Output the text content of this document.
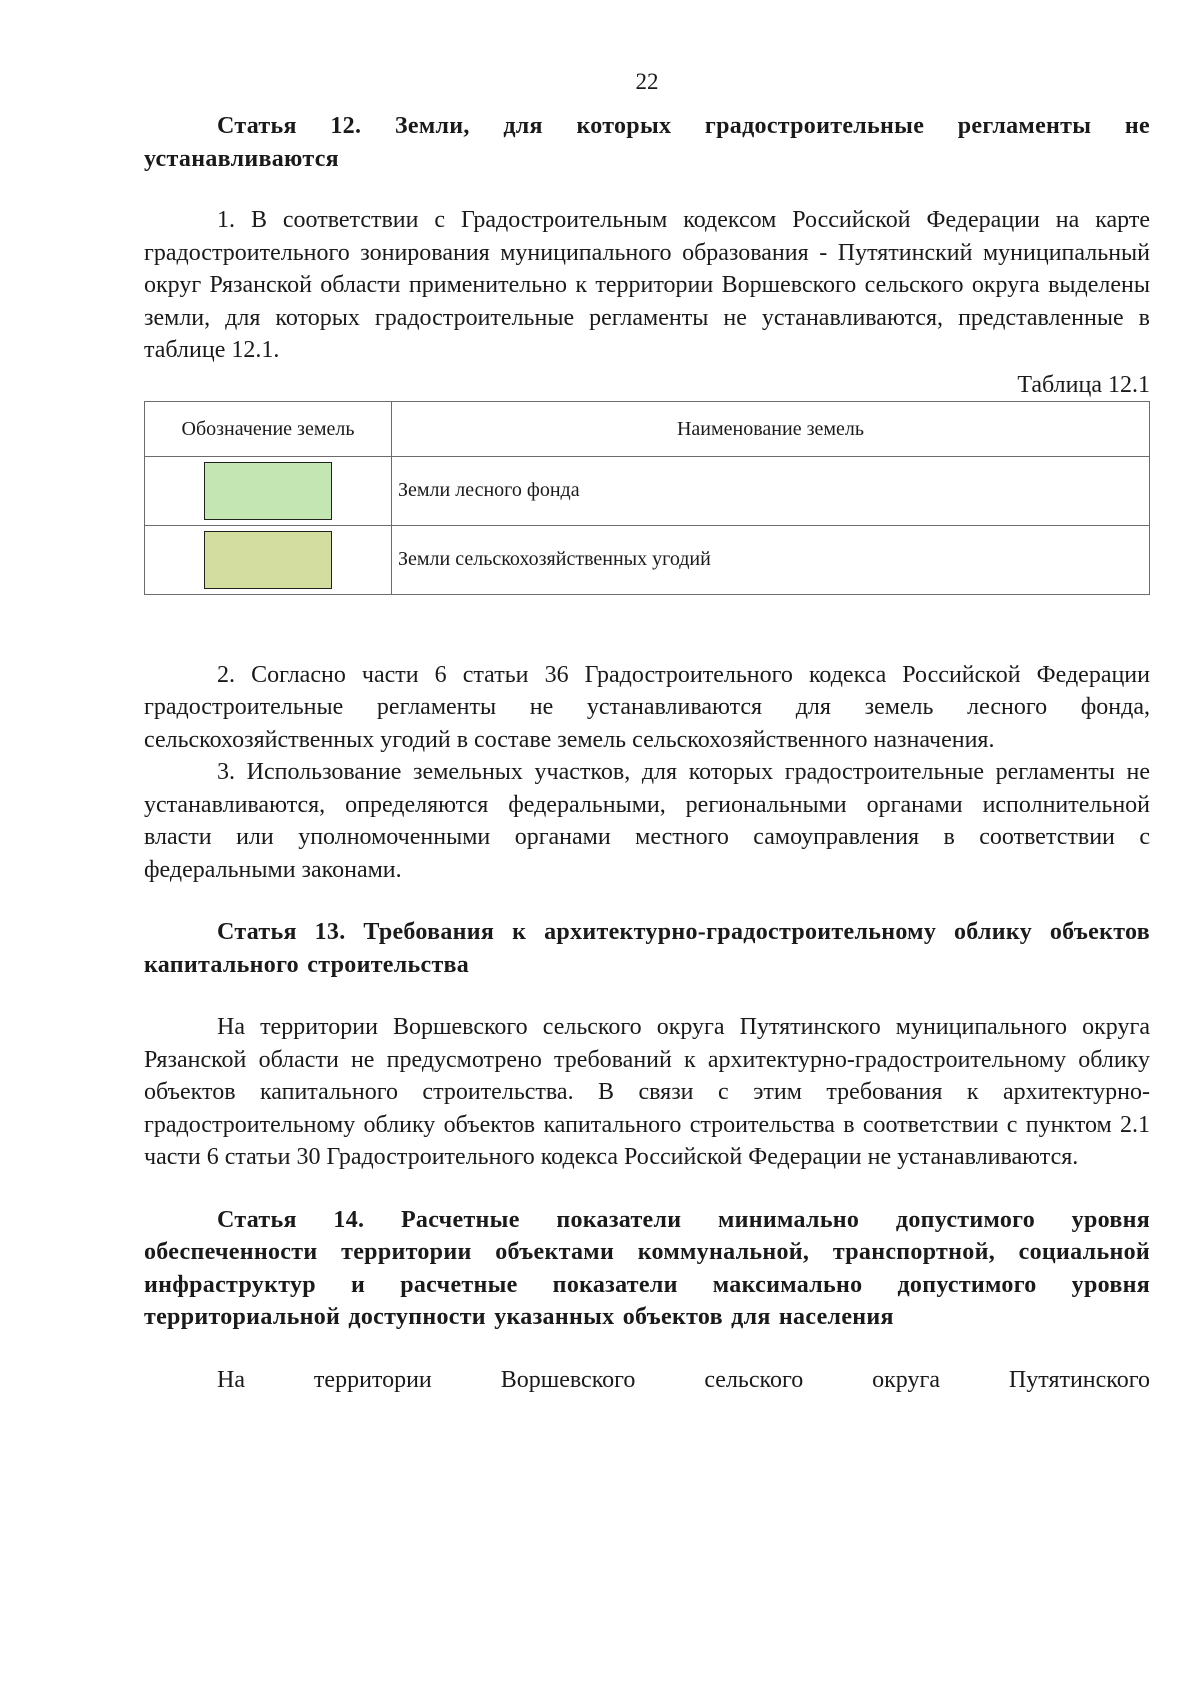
22

Статья 12. Земли, для которых градостроительные регламенты не устанавливаются

1. В соответствии с Градостроительным кодексом Российской Федерации на карте градостроительного зонирования муниципального образования - Путятинский муниципальный округ Рязанской области применительно к территории Воршевского сельского округа выделены земли, для которых градостроительные регламенты не устанавливаются, представленные в таблице 12.1.

Таблица 12.1

Обозначение земель	Наименование земель
	Земли лесного фонда
	Земли сельскохозяйственных угодий

2. Согласно части 6 статьи 36 Градостроительного кодекса Российской Федерации градостроительные регламенты не устанавливаются для земель лесного фонда, сельскохозяйственных угодий в составе земель сельскохозяйственного назначения.

3. Использование земельных участков, для которых градостроительные регламенты не устанавливаются, определяются федеральными, региональными органами исполнительной власти или уполномоченными органами местного самоуправления в соответствии с федеральными законами.

Статья 13. Требования к архитектурно-градостроительному облику объектов капитального строительства

На территории Воршевского сельского округа Путятинского муниципального округа Рязанской области не предусмотрено требований к архитектурно-градостроительному облику объектов капитального строительства. В связи с этим требования к архитектурно-градостроительному облику объектов капитального строительства в соответствии с пунктом 2.1 части 6 статьи 30 Градостроительного кодекса Российской Федерации не устанавливаются.

Статья 14. Расчетные показатели минимально допустимого уровня обеспеченности территории объектами коммунальной, транспортной, социальной инфраструктур и расчетные показатели максимально допустимого уровня территориальной доступности указанных объектов для населения

На территории Воршевского сельского округа Путятинского
